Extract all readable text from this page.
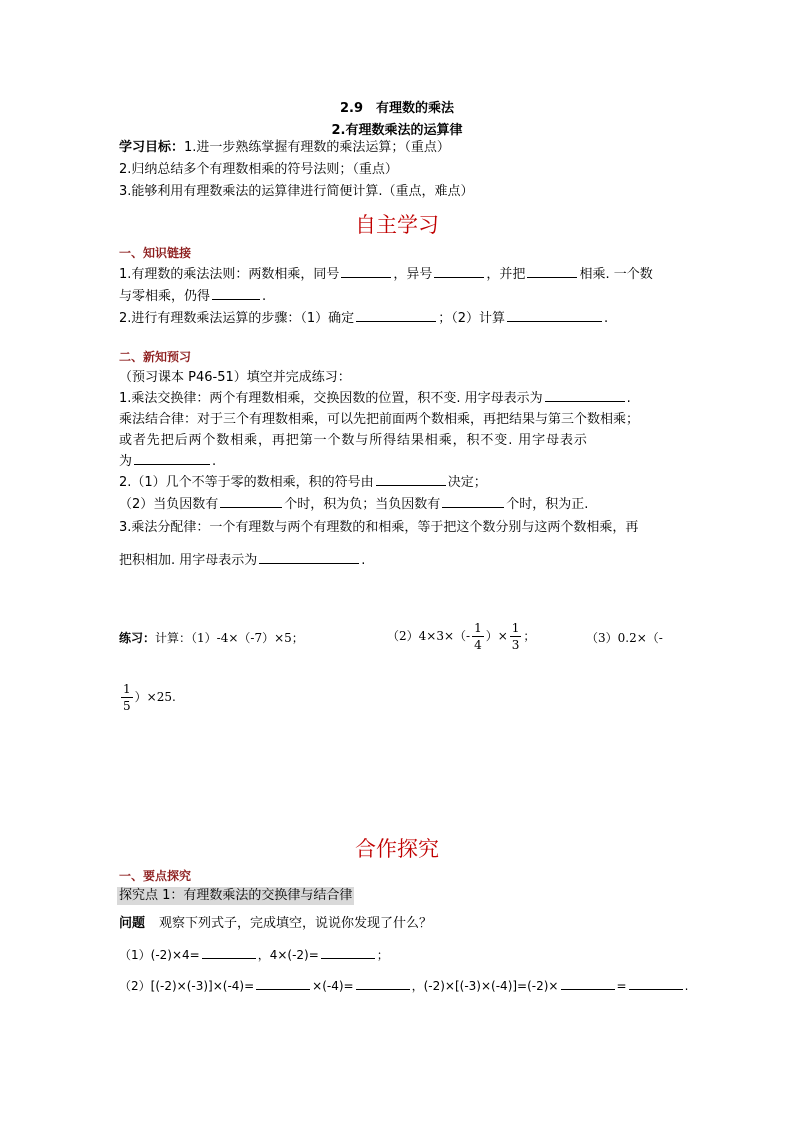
2.9　有理数的乘法
2.有理数乘法的运算律
学习目标：1.进一步熟练掌握有理数的乘法运算；（重点）
2.归纳总结多个有理数相乘的符号法则；（重点）
3.能够利用有理数乘法的运算律进行简便计算.（重点，难点）
自主学习
一、知识链接
1.有理数的乘法法则：两数相乘，同号	，异号	，并把	相乘. 一个数
与零相乘，仍得	.
2.进行有理数乘法运算的步骤：（1）确定	；（2）计算	.
二、新知预习
（预习课本 P46-51）填空并完成练习：
1.乘法交换律：两个有理数相乘，交换因数的位置，积不变. 用字母表示为	.
乘法结合律：对于三个有理数相乘，可以先把前面两个数相乘，再把结果与第三个数相乘；
或者先把后两个数相乘，再把第一个数与所得结果相乘，积不变. 用字母表示
为	.
2.（1）几个不等于零的数相乘，积的符号由	决定；
（2）当负因数有	个时，积为负；当负因数有	个时，积为正.
3.乘法分配律：一个有理数与两个有理数的和相乘，等于把这个数分别与这两个数相乘，再
把积相加. 用字母表示为	.
练习：计算：（1）-4×（-7）×5；	$(2)4\times 3\times(- \frac{1}{4}$ ）× $\frac{1}{3}$ ；	（3）0.2×（-
$\frac{1}{5} )\times 25$.
合作探究
一、要点探究
探究点 1：有理数乘法的交换律与结合律
问题 观察下列式子，完成填空，说说你发现了什么？
（1）(-2)×4=	，4×(-2)=	；
（2）[(-2)×(-3)]×(-4)=	×(-4)=	，(-2)×[(-3)×(-4)]=(-2)×	=	.
